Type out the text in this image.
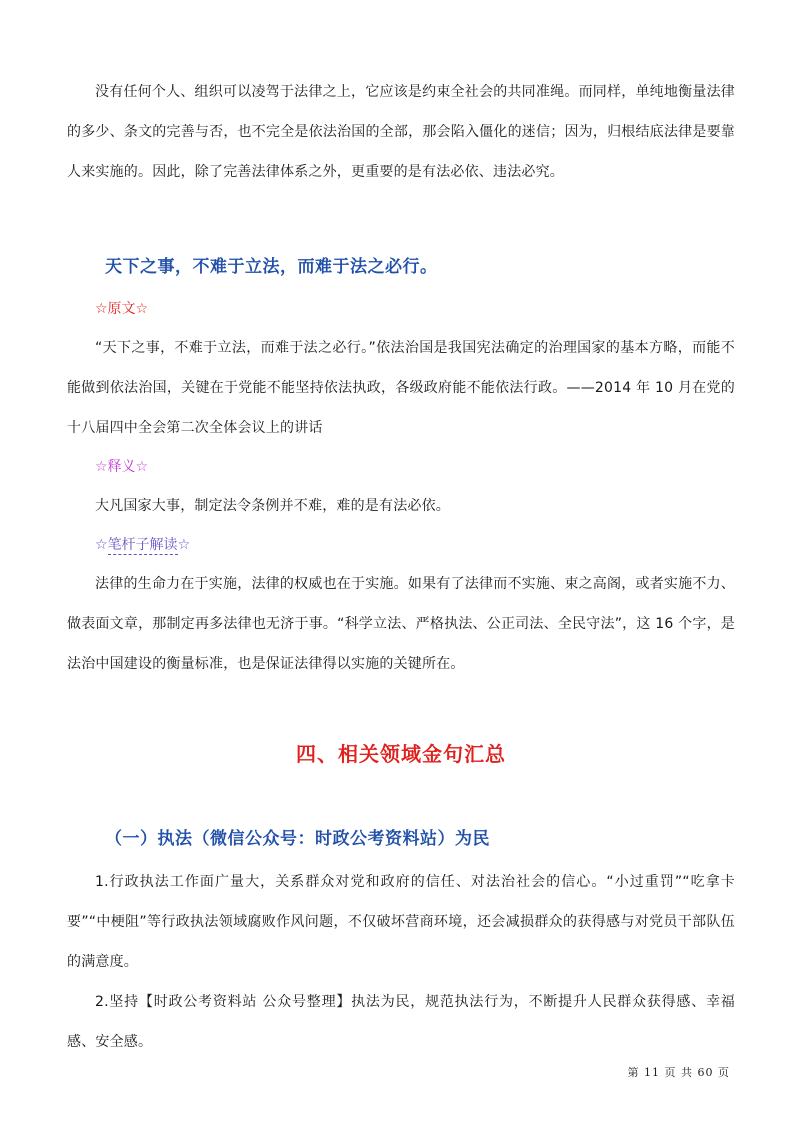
没有任何个人、组织可以凌驾于法律之上，它应该是约束全社会的共同准绳。而同样，单纯地衡量法律的多少、条文的完善与否，也不完全是依法治国的全部，那会陷入僵化的迷信；因为，归根结底法律是要靠人来实施的。因此，除了完善法律体系之外，更重要的是有法必依、违法必究。

天下之事，不难于立法，而难于法之必行。

☆原文☆

“天下之事，不难于立法，而难于法之必行。”依法治国是我国宪法确定的治理国家的基本方略，而能不能做到依法治国，关键在于党能不能坚持依法执政，各级政府能不能依法行政。——2014 年 10 月在党的十八届四中全会第二次全体会议上的讲话

☆释义☆

大凡国家大事，制定法令条例并不难，难的是有法必依。

☆笔杆子解读☆

法律的生命力在于实施，法律的权威也在于实施。如果有了法律而不实施、束之高阁，或者实施不力、做表面文章，那制定再多法律也无济于事。“科学立法、严格执法、公正司法、全民守法”，这 16 个字，是法治中国建设的衡量标准，也是保证法律得以实施的关键所在。

四、相关领域金句汇总
（一）执法（微信公众号：时政公考资料站）为民

1.行政执法工作面广量大，关系群众对党和政府的信任、对法治社会的信心。“小过重罚”“吃拿卡要”“中梗阻”等行政执法领域腐败作风问题，不仅破坏营商环境，还会减损群众的获得感与对党员干部队伍的满意度。

2.坚持【时政公考资料站 公众号整理】执法为民，规范执法行为，不断提升人民群众获得感、幸福感、安全感。

第 11 页 共 60 页
